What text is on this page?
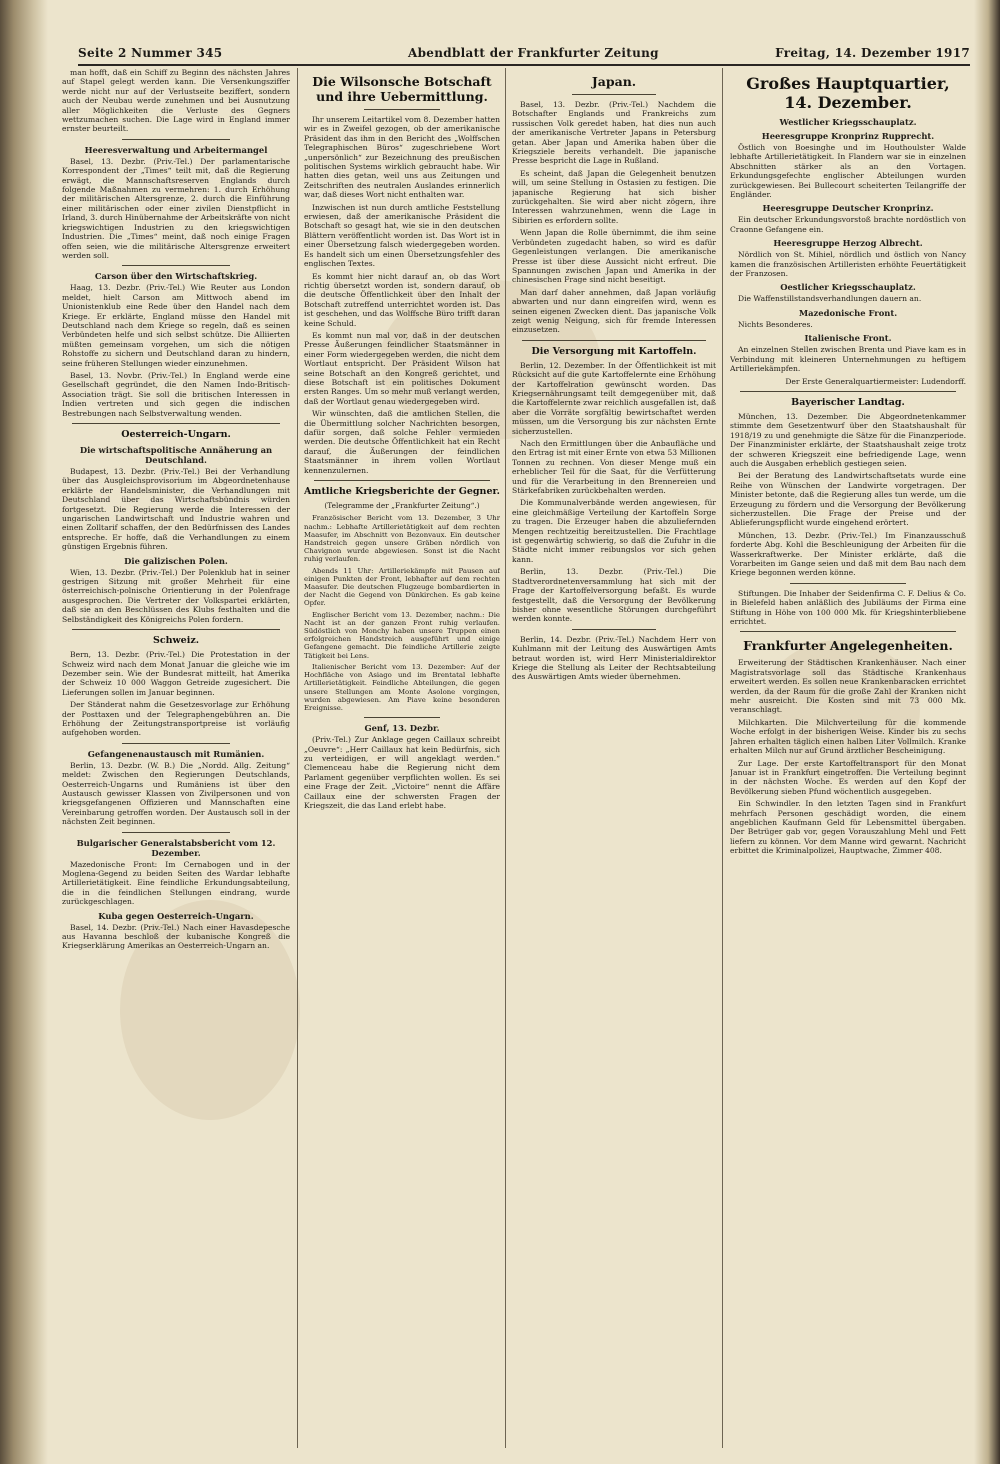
Seite 2 Nummer 345	Abendblatt der Frankfurter Zeitung	Freitag, 14. Dezember 1917

man hofft, daß ein Schiff zu Beginn des nächsten Jahres auf Stapel gelegt werden kann. Die Versenkungsziffer werde nicht nur auf der Verlustseite beziffert, sondern auch der Neubau werde zunehmen und bei Ausnutzung aller Möglichkeiten die Verluste des Gegners wettzumachen suchen. Die Lage wird in England immer ernster beurteilt.

Heeresverwaltung und Arbeitermangel

Basel, 13. Dezbr. (Priv.-Tel.) Der parlamentarische Korrespondent der „Times“ teilt mit, daß die Regierung erwägt, die Mannschaftsreserven Englands durch folgende Maßnahmen zu vermehren: 1. durch Erhöhung der militärischen Altersgrenze, 2. durch die Einführung einer militärischen oder einer zivilen Dienstpflicht in Irland, 3. durch Hinübernahme der Arbeitskräfte von nicht kriegswichtigen Industrien zu den kriegswichtigen Industrien. Die „Times“ meint, daß noch einige Fragen offen seien, wie die militärische Altersgrenze erweitert werden soll.

Carson über den Wirtschaftskrieg.

Haag, 13. Dezbr. (Priv.-Tel.) Wie Reuter aus London meldet, hielt Carson am Mittwoch abend im Unionistenklub eine Rede über den Handel nach dem Kriege. Er erklärte, England müsse den Handel mit Deutschland nach dem Kriege so regeln, daß es seinen Verbündeten helfe und sich selbst schütze. Die Alliierten müßten gemeinsam vorgehen, um sich die nötigen Rohstoffe zu sichern und Deutschland daran zu hindern, seine früheren Stellungen wieder einzunehmen.

Basel, 13. Novbr. (Priv.-Tel.) In England werde eine Gesellschaft gegründet, die den Namen Indo-Britisch-Association trägt. Sie soll die britischen Interessen in Indien vertreten und sich gegen die indischen Bestrebungen nach Selbstverwaltung wenden.

Oesterreich-Ungarn.
Die wirtschaftspolitische Annäherung an Deutschland.

Budapest, 13. Dezbr. (Priv.-Tel.) Bei der Verhandlung über das Ausgleichsprovisorium im Abgeordnetenhause erklärte der Handelsminister, die Verhandlungen mit Deutschland über das Wirtschaftsbündnis würden fortgesetzt. Die Regierung werde die Interessen der ungarischen Landwirtschaft und Industrie wahren und einen Zolltarif schaffen, der den Bedürfnissen des Landes entspreche. Er hoffe, daß die Verhandlungen zu einem günstigen Ergebnis führen.

Die galizischen Polen.

Wien, 13. Dezbr. (Priv.-Tel.) Der Polenklub hat in seiner gestrigen Sitzung mit großer Mehrheit für eine österreichisch-polnische Orientierung in der Polenfrage ausgesprochen. Die Vertreter der Volkspartei erklärten, daß sie an den Beschlüssen des Klubs festhalten und die Selbständigkeit des Königreichs Polen fordern.

Schweiz.

Bern, 13. Dezbr. (Priv.-Tel.) Die Protestation in der Schweiz wird nach dem Monat Januar die gleiche wie im Dezember sein. Wie der Bundesrat mitteilt, hat Amerika der Schweiz 10 000 Waggon Getreide zugesichert. Die Lieferungen sollen im Januar beginnen.

Der Ständerat nahm die Gesetzesvorlage zur Erhöhung der Posttaxen und der Telegraphengebühren an. Die Erhöhung der Zeitungstransportpreise ist vorläufig aufgehoben worden.

Gefangenenaustausch mit Rumänien.

Berlin, 13. Dezbr. (W. B.) Die „Nordd. Allg. Zeitung“ meldet: Zwischen den Regierungen Deutschlands, Oesterreich-Ungarns und Rumäniens ist über den Austausch gewisser Klassen von Zivilpersonen und von kriegsgefangenen Offizieren und Mannschaften eine Vereinbarung getroffen worden. Der Austausch soll in der nächsten Zeit beginnen.

Bulgarischer Generalstabsbericht vom 12. Dezember.

Mazedonische Front: Im Cernabogen und in der Moglena-Gegend zu beiden Seiten des Wardar lebhafte Artillerietätigkeit. Eine feindliche Erkundungsabteilung, die in die feindlichen Stellungen eindrang, wurde zurückgeschlagen.

Kuba gegen Oesterreich-Ungarn.

Basel, 14. Dezbr. (Priv.-Tel.) Nach einer Havasdepesche aus Havanna beschloß der kubanische Kongreß die Kriegserklärung Amerikas an Oesterreich-Ungarn an.

Die Wilsonsche Botschaft und ihre Uebermittlung.

Ihr unserem Leitartikel vom 8. Dezember hatten wir es in Zweifel gezogen, ob der amerikanische Präsident das ihm in den Bericht des „Wolffschen Telegraphischen Büros“ zugeschriebene Wort „unpersönlich“ zur Bezeichnung des preußischen politischen Systems wirklich gebraucht habe. Wir hatten dies getan, weil uns aus Zeitungen und Zeitschriften des neutralen Auslandes erinnerlich war, daß dieses Wort nicht enthalten war.

Inzwischen ist nun durch amtliche Feststellung erwiesen, daß der amerikanische Präsident die Botschaft so gesagt hat, wie sie in den deutschen Blättern veröffentlicht worden ist. Das Wort ist in einer Übersetzung falsch wiedergegeben worden. Es handelt sich um einen Übersetzungsfehler des englischen Textes.

Es kommt hier nicht darauf an, ob das Wort richtig übersetzt worden ist, sondern darauf, ob die deutsche Öffentlichkeit über den Inhalt der Botschaft zutreffend unterrichtet worden ist. Das ist geschehen, und das Wolffsche Büro trifft daran keine Schuld.

Es kommt nun mal vor, daß in der deutschen Presse Äußerungen feindlicher Staatsmänner in einer Form wiedergegeben werden, die nicht dem Wortlaut entspricht. Der Präsident Wilson hat seine Botschaft an den Kongreß gerichtet, und diese Botschaft ist ein politisches Dokument ersten Ranges. Um so mehr muß verlangt werden, daß der Wortlaut genau wiedergegeben wird.

Wir wünschten, daß die amtlichen Stellen, die die Übermittlung solcher Nachrichten besorgen, dafür sorgen, daß solche Fehler vermieden werden. Die deutsche Öffentlichkeit hat ein Recht darauf, die Äußerungen der feindlichen Staatsmänner in ihrem vollen Wortlaut kennenzulernen.

Amtliche Kriegsberichte der Gegner.
(Telegramme der „Frankfurter Zeitung“.)

Französischer Bericht vom 13. Dezember, 3 Uhr nachm.: Lebhafte Artillerietätigkeit auf dem rechten Maasufer, im Abschnitt von Bezonvaux. Ein deutscher Handstreich gegen unsere Gräben nördlich von Chavignon wurde abgewiesen. Sonst ist die Nacht ruhig verlaufen.

Abends 11 Uhr: Artilleriekämpfe mit Pausen auf einigen Punkten der Front, lebhafter auf dem rechten Maasufer. Die deutschen Flugzeuge bombardierten in der Nacht die Gegend von Dünkirchen. Es gab keine Opfer.

Englischer Bericht vom 13. Dezember, nachm.: Die Nacht ist an der ganzen Front ruhig verlaufen. Südöstlich von Monchy haben unsere Truppen einen erfolgreichen Handstreich ausgeführt und einige Gefangene gemacht. Die feindliche Artillerie zeigte Tätigkeit bei Lens.

Italienischer Bericht vom 13. Dezember: Auf der Hochfläche von Asiago und im Brentatal lebhafte Artillerietätigkeit. Feindliche Abteilungen, die gegen unsere Stellungen am Monte Asolone vorgingen, wurden abgewiesen. Am Piave keine besonderen Ereignisse.

Genf, 13. Dezbr.

(Priv.-Tel.) Zur Anklage gegen Caillaux schreibt „Oeuvre“: „Herr Caillaux hat kein Bedürfnis, sich zu verteidigen, er will angeklagt werden.“ Clemenceau habe die Regierung nicht dem Parlament gegenüber verpflichten wollen. Es sei eine Frage der Zeit. „Victoire“ nennt die Affäre Caillaux eine der schwersten Fragen der Kriegszeit, die das Land erlebt habe.

Japan.

Basel, 13. Dezbr. (Priv.-Tel.) Nachdem die Botschafter Englands und Frankreichs zum russischen Volk geredet haben, hat dies nun auch der amerikanische Vertreter Japans in Petersburg getan. Aber Japan und Amerika haben über die Kriegsziele bereits verhandelt. Die japanische Presse bespricht die Lage in Rußland.

Es scheint, daß Japan die Gelegenheit benutzen will, um seine Stellung in Ostasien zu festigen. Die japanische Regierung hat sich bisher zurückgehalten. Sie wird aber nicht zögern, ihre Interessen wahrzunehmen, wenn die Lage in Sibirien es erfordern sollte.

Wenn Japan die Rolle übernimmt, die ihm seine Verbündeten zugedacht haben, so wird es dafür Gegenleistungen verlangen. Die amerikanische Presse ist über diese Aussicht nicht erfreut. Die Spannungen zwischen Japan und Amerika in der chinesischen Frage sind nicht beseitigt.

Man darf daher annehmen, daß Japan vorläufig abwarten und nur dann eingreifen wird, wenn es seinen eigenen Zwecken dient. Das japanische Volk zeigt wenig Neigung, sich für fremde Interessen einzusetzen.

Die Versorgung mit Kartoffeln.

Berlin, 12. Dezember. In der Öffentlichkeit ist mit Rücksicht auf die gute Kartoffelernte eine Erhöhung der Kartoffelration gewünscht worden. Das Kriegsernährungsamt teilt demgegenüber mit, daß die Kartoffelernte zwar reichlich ausgefallen ist, daß aber die Vorräte sorgfältig bewirtschaftet werden müssen, um die Versorgung bis zur nächsten Ernte sicherzustellen.

Nach den Ermittlungen über die Anbaufläche und den Ertrag ist mit einer Ernte von etwa 53 Millionen Tonnen zu rechnen. Von dieser Menge muß ein erheblicher Teil für die Saat, für die Verfütterung und für die Verarbeitung in den Brennereien und Stärkefabriken zurückbehalten werden.

Die Kommunalverbände werden angewiesen, für eine gleichmäßige Verteilung der Kartoffeln Sorge zu tragen. Die Erzeuger haben die abzuliefernden Mengen rechtzeitig bereitzustellen. Die Frachtlage ist gegenwärtig schwierig, so daß die Zufuhr in die Städte nicht immer reibungslos vor sich gehen kann.

Berlin, 13. Dezbr. (Priv.-Tel.) Die Stadtverordnetenversammlung hat sich mit der Frage der Kartoffelversorgung befaßt. Es wurde festgestellt, daß die Versorgung der Bevölkerung bisher ohne wesentliche Störungen durchgeführt werden konnte.

Berlin, 14. Dezbr. (Priv.-Tel.) Nachdem Herr von Kuhlmann mit der Leitung des Auswärtigen Amts betraut worden ist, wird Herr Ministerialdirektor Kriege die Stellung als Leiter der Rechtsabteilung des Auswärtigen Amts wieder übernehmen.

Großes Hauptquartier, 14. Dezember.
Westlicher Kriegsschauplatz.
Heeresgruppe Kronprinz Rupprecht.

Östlich von Boesinghe und im Houthoulster Walde lebhafte Artillerietätigkeit. In Flandern war sie in einzelnen Abschnitten stärker als an den Vortagen. Erkundungsgefechte englischer Abteilungen wurden zurückgewiesen. Bei Bullecourt scheiterten Teilangriffe der Engländer.

Heeresgruppe Deutscher Kronprinz.

Ein deutscher Erkundungsvorstoß brachte nordöstlich von Craonne Gefangene ein.

Heeresgruppe Herzog Albrecht.

Nördlich von St. Mihiel, nördlich und östlich von Nancy kamen die französischen Artilleristen erhöhte Feuertätigkeit der Franzosen.

Oestlicher Kriegsschauplatz.

Die Waffenstillstandsverhandlungen dauern an.

Mazedonische Front.

Nichts Besonderes.

Italienische Front.

An einzelnen Stellen zwischen Brenta und Piave kam es in Verbindung mit kleineren Unternehmungen zu heftigem Artilleriekämpfen.

Der Erste Generalquartiermeister: Ludendorff.
Bayerischer Landtag.

München, 13. Dezember. Die Abgeordnetenkammer stimmte dem Gesetzentwurf über den Staatshaushalt für 1918/19 zu und genehmigte die Sätze für die Finanzperiode. Der Finanzminister erklärte, der Staatshaushalt zeige trotz der schweren Kriegszeit eine befriedigende Lage, wenn auch die Ausgaben erheblich gestiegen seien.

Bei der Beratung des Landwirtschaftsetats wurde eine Reihe von Wünschen der Landwirte vorgetragen. Der Minister betonte, daß die Regierung alles tun werde, um die Erzeugung zu fördern und die Versorgung der Bevölkerung sicherzustellen. Die Frage der Preise und der Ablieferungspflicht wurde eingehend erörtert.

München, 13. Dezbr. (Priv.-Tel.) Im Finanzausschuß forderte Abg. Kohl die Beschleunigung der Arbeiten für die Wasserkraftwerke. Der Minister erklärte, daß die Vorarbeiten im Gange seien und daß mit dem Bau nach dem Kriege begonnen werden könne.

Stiftungen. Die Inhaber der Seidenfirma C. F. Delius & Co. in Bielefeld haben anläßlich des Jubiläums der Firma eine Stiftung in Höhe von 100 000 Mk. für Kriegshinterbliebene errichtet.

Frankfurter Angelegenheiten.

Erweiterung der Städtischen Krankenhäuser. Nach einer Magistratsvorlage soll das Städtische Krankenhaus erweitert werden. Es sollen neue Krankenbaracken errichtet werden, da der Raum für die große Zahl der Kranken nicht mehr ausreicht. Die Kosten sind mit 73 000 Mk. veranschlagt.

Milchkarten. Die Milchverteilung für die kommende Woche erfolgt in der bisherigen Weise. Kinder bis zu sechs Jahren erhalten täglich einen halben Liter Vollmilch. Kranke erhalten Milch nur auf Grund ärztlicher Bescheinigung.

Zur Lage. Der erste Kartoffeltransport für den Monat Januar ist in Frankfurt eingetroffen. Die Verteilung beginnt in der nächsten Woche. Es werden auf den Kopf der Bevölkerung sieben Pfund wöchentlich ausgegeben.

Ein Schwindler. In den letzten Tagen sind in Frankfurt mehrfach Personen geschädigt worden, die einem angeblichen Kaufmann Geld für Lebensmittel übergaben. Der Betrüger gab vor, gegen Vorauszahlung Mehl und Fett liefern zu können. Vor dem Manne wird gewarnt. Nachricht erbittet die Kriminalpolizei, Hauptwache, Zimmer 408.
